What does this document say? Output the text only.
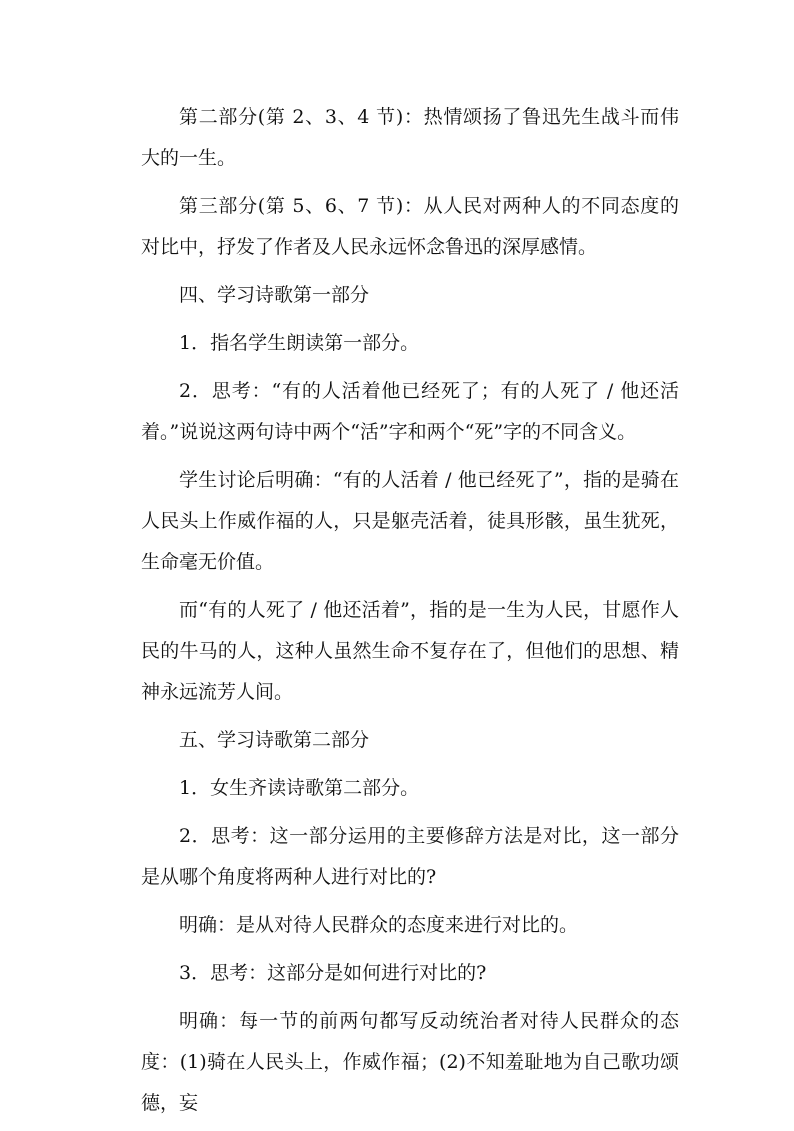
第二部分(第 2、3、4 节)：热情颂扬了鲁迅先生战斗而伟大的一生。

第三部分(第 5、6、7 节)：从人民对两种人的不同态度的对比中，抒发了作者及人民永远怀念鲁迅的深厚感情。

四、学习诗歌第一部分

1．指名学生朗读第一部分。

2．思考：“有的人活着他已经死了；有的人死了 / 他还活着。”说说这两句诗中两个“活”字和两个“死”字的不同含义。

学生讨论后明确：“有的人活着 / 他已经死了”，指的是骑在人民头上作威作福的人，只是躯壳活着，徒具形骸，虽生犹死，生命毫无价值。

而“有的人死了 / 他还活着”，指的是一生为人民，甘愿作人民的牛马的人，这种人虽然生命不复存在了，但他们的思想、精神永远流芳人间。

五、学习诗歌第二部分

1．女生齐读诗歌第二部分。

2．思考：这一部分运用的主要修辞方法是对比，这一部分是从哪个角度将两种人进行对比的?

明确：是从对待人民群众的态度来进行对比的。

3．思考：这部分是如何进行对比的?

明确：每一节的前两句都写反动统治者对待人民群众的态度：(1)骑在人民头上，作威作福；(2)不知羞耻地为自己歌功颂德，妄
